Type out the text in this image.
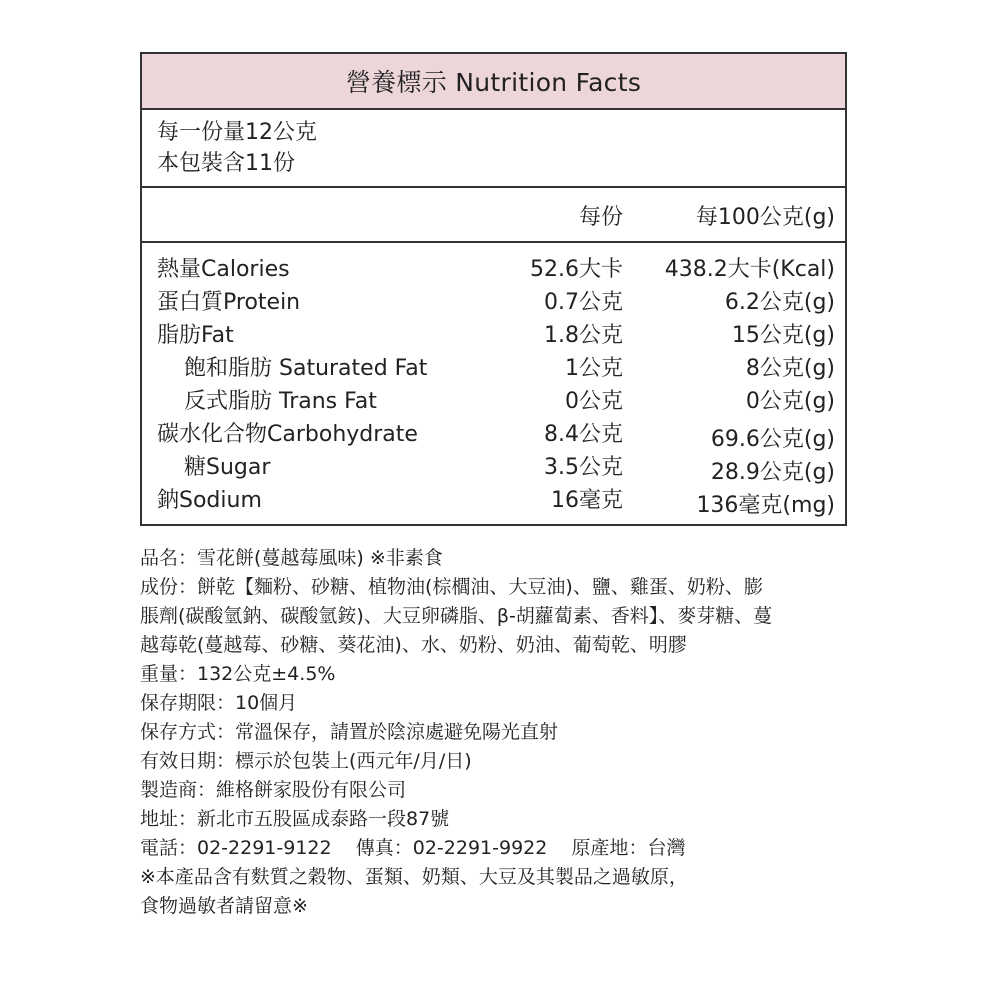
營養標示 Nutrition Facts
每一份量12公克
本包裝含11份
每份	每100公克(g)
熱量Calories	52.6大卡 438.2大卡(Kcal)
蛋白質Protein	0.7公克	6.2公克(g)
脂肪Fat	1.8公克	15公克(g)
飽和脂肪 Saturated Fat	1公克	8公克(g)
反式脂肪 Trans Fat	0公克	0公克(g)
碳水化合物Carbohydrate	8.4公克	69.6公克(g)
糖Sugar	3.5公克	28.9公克(g)
鈉Sodium	16毫克	136毫克(mg)
品名：雪花餅(蔓越莓風味) ※非素食
成份：餅乾【麵粉、砂糖、植物油(棕櫚油、大豆油)、鹽、雞蛋、奶粉、膨
脹劑(碳酸氫鈉、碳酸氫銨)、大豆卵磷脂、β-胡蘿蔔素、香料】、麥芽糖、蔓
越莓乾(蔓越莓、砂糖、葵花油)、水、奶粉、奶油、葡萄乾、明膠
重量：132公克±4.5%
保存期限：10個月
保存方式：常溫保存，請置於陰涼處避免陽光直射
有效日期：標示於包裝上(西元年/月/日)
製造商：維格餅家股份有限公司
地址：新北市五股區成泰路一段87號
電話：02-2291-9122    傳真：02-2291-9922    原產地：台灣
※本產品含有麩質之穀物、蛋類、奶類、大豆及其製品之過敏原，
食物過敏者請留意※
